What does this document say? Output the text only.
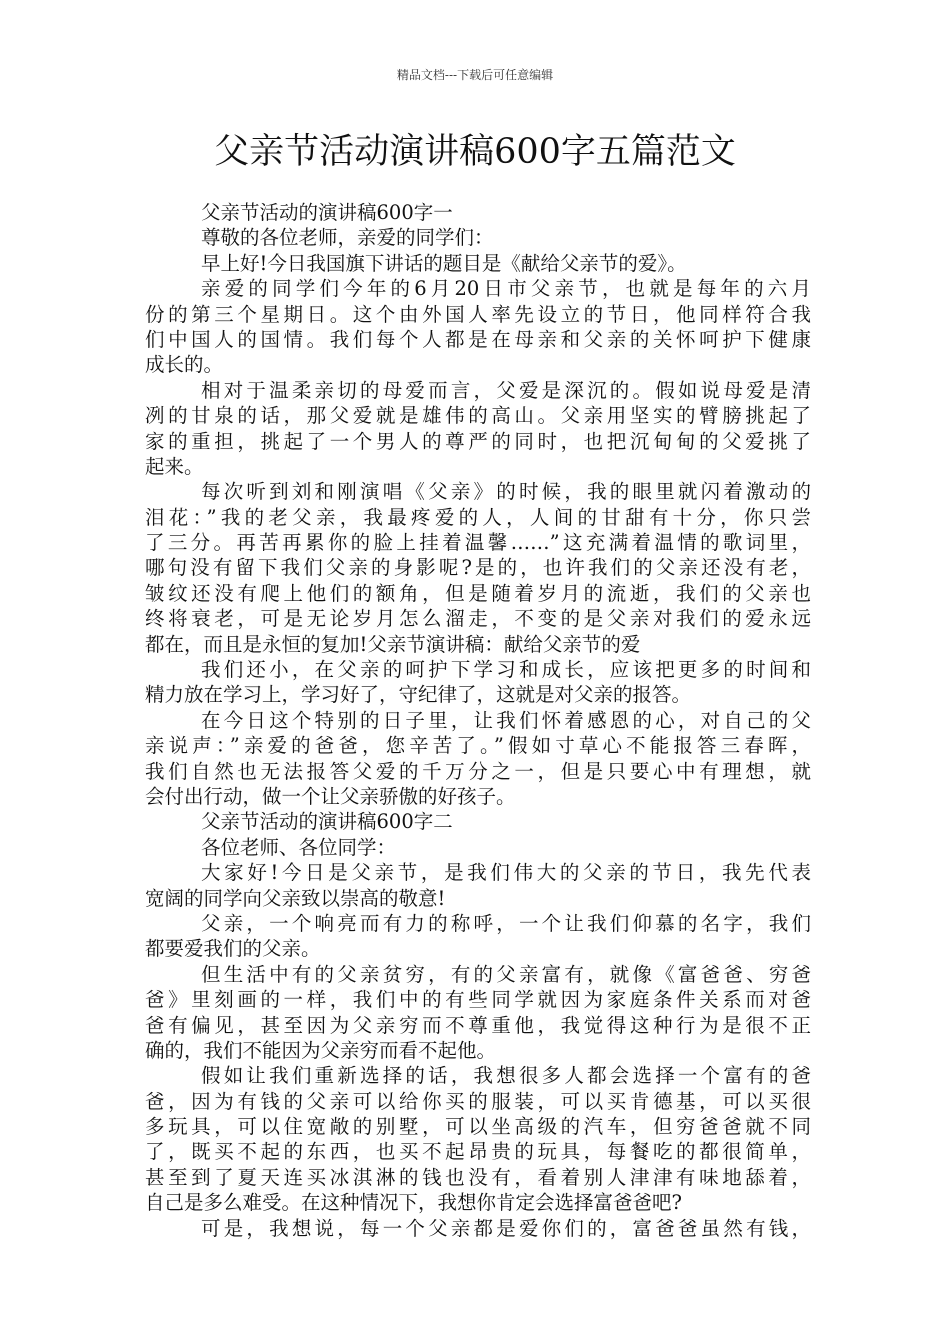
精品文档---下载后可任意编辑
父亲节活动演讲稿600字五篇范文
父亲节活动的演讲稿600字一
尊敬的各位老师，亲爱的同学们：
早上好!今日我国旗下讲话的题目是《献给父亲节的爱》。
亲爱的同学们今年的6月20日市父亲节，也就是每年的六月
份的第三个星期日。这个由外国人率先设立的节日，他同样符合我
们中国人的国情。我们每个人都是在母亲和父亲的关怀呵护下健康
成长的。
相对于温柔亲切的母爱而言，父爱是深沉的。假如说母爱是清
冽的甘泉的话，那父爱就是雄伟的高山。父亲用坚实的臂膀挑起了
家的重担，挑起了一个男人的尊严的同时，也把沉甸甸的父爱挑了
起来。
每次听到刘和刚演唱《父亲》的时候，我的眼里就闪着激动的
泪花：”我的老父亲，我最疼爱的人，人间的甘甜有十分，你只尝
了三分。再苦再累你的脸上挂着温馨……”这充满着温情的歌词里，
哪句没有留下我们父亲的身影呢?是的，也许我们的父亲还没有老，
皱纹还没有爬上他们的额角，但是随着岁月的流逝，我们的父亲也
终将衰老，可是无论岁月怎么溜走，不变的是父亲对我们的爱永远
都在，而且是永恒的复加!父亲节演讲稿：献给父亲节的爱
我们还小，在父亲的呵护下学习和成长，应该把更多的时间和
精力放在学习上，学习好了，守纪律了，这就是对父亲的报答。
在今日这个特别的日子里，让我们怀着感恩的心，对自己的父
亲说声：”亲爱的爸爸，您辛苦了。”假如寸草心不能报答三春晖，
我们自然也无法报答父爱的千万分之一，但是只要心中有理想，就
会付出行动，做一个让父亲骄傲的好孩子。
父亲节活动的演讲稿600字二
各位老师、各位同学：
大家好!今日是父亲节，是我们伟大的父亲的节日，我先代表
宽阔的同学向父亲致以崇高的敬意!
父亲，一个响亮而有力的称呼，一个让我们仰慕的名字，我们
都要爱我们的父亲。
但生活中有的父亲贫穷，有的父亲富有，就像《富爸爸、穷爸
爸》里刻画的一样，我们中的有些同学就因为家庭条件关系而对爸
爸有偏见，甚至因为父亲穷而不尊重他，我觉得这种行为是很不正
确的，我们不能因为父亲穷而看不起他。
假如让我们重新选择的话，我想很多人都会选择一个富有的爸
爸，因为有钱的父亲可以给你买的服装，可以买肯德基，可以买很
多玩具，可以住宽敞的别墅，可以坐高级的汽车，但穷爸爸就不同
了，既买不起的东西，也买不起昂贵的玩具，每餐吃的都很简单，
甚至到了夏天连买冰淇淋的钱也没有，看着别人津津有味地舔着，
自己是多么难受。在这种情况下，我想你肯定会选择富爸爸吧?
可是，我想说，每一个父亲都是爱你们的，富爸爸虽然有钱，
